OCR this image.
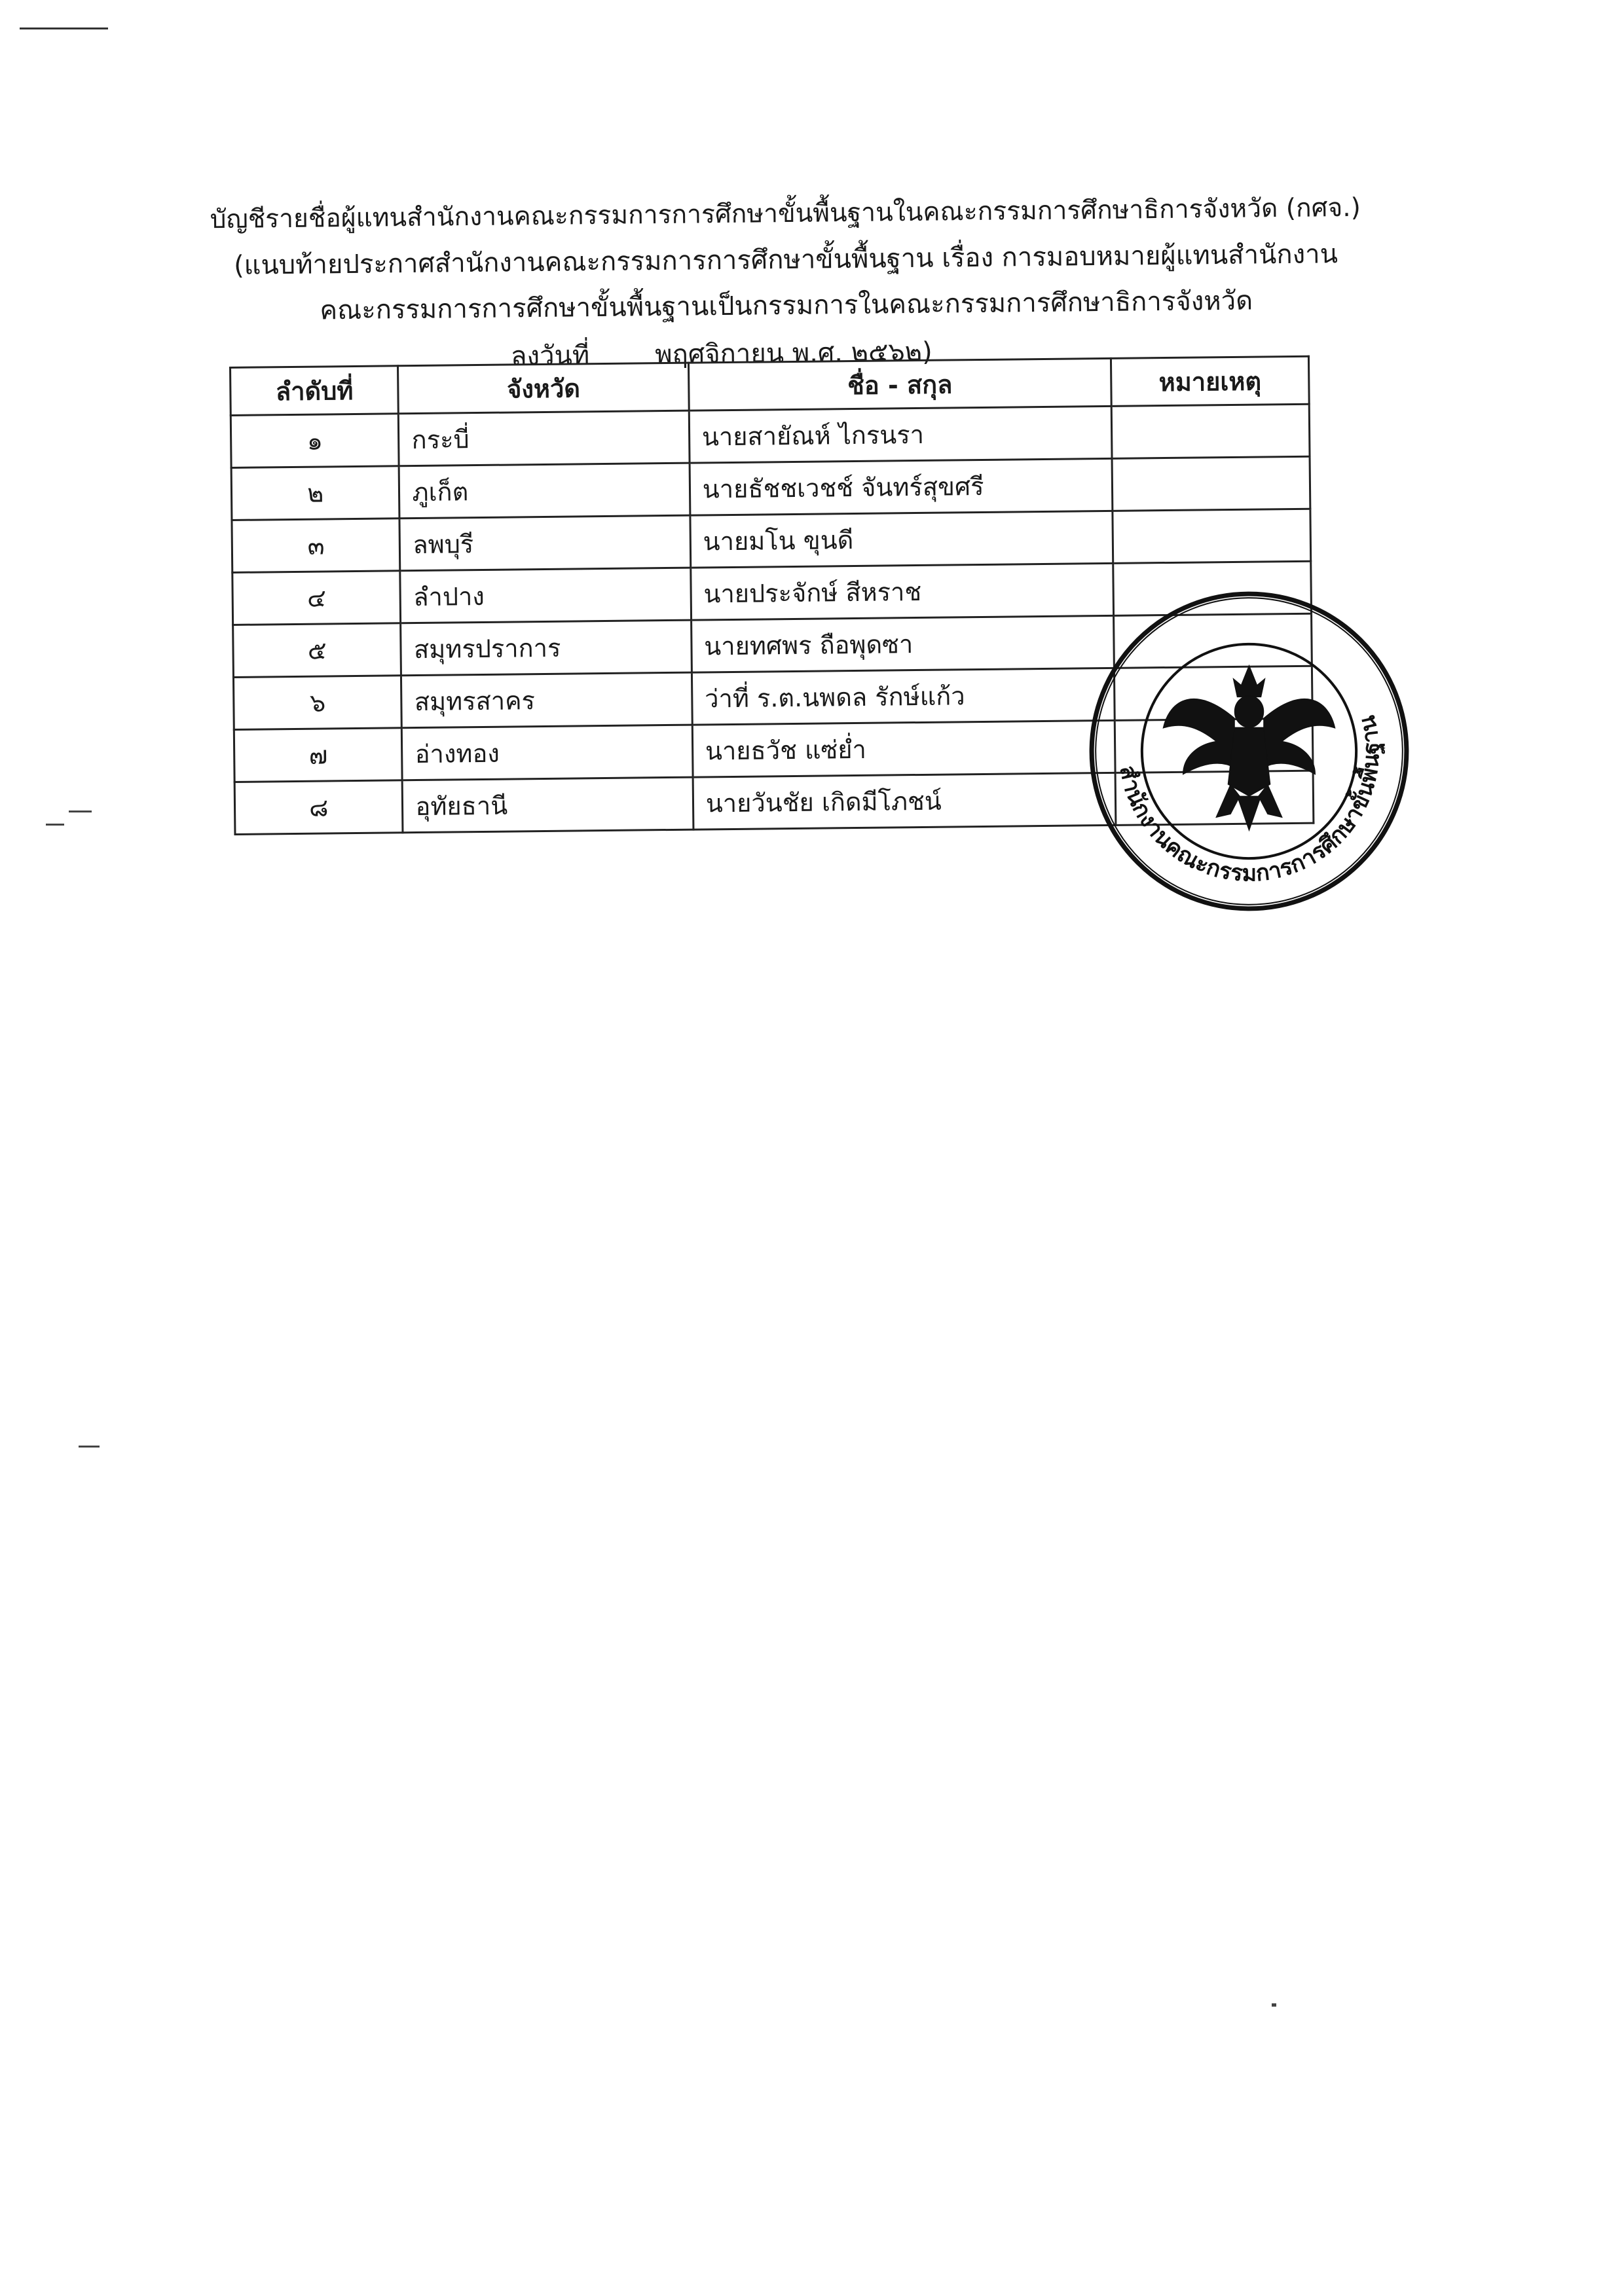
บัญชีรายชื่อผู้แทนสำนักงานคณะกรรมการการศึกษาขั้นพื้นฐานในคณะกรรมการศึกษาธิการจังหวัด (กศจ.)
(แนบท้ายประกาศสำนักงานคณะกรรมการการศึกษาขั้นพื้นฐาน เรื่อง การมอบหมายผู้แทนสำนักงาน
คณะกรรมการการศึกษาขั้นพื้นฐานเป็นกรรมการในคณะกรรมการศึกษาธิการจังหวัด
ลงวันที่ พฤศจิกายน พ.ศ. ๒๕๖๒)
ลำดับที่	จังหวัด	ชื่อ - สกุล	หมายเหตุ
๑	กระบี่	นายสายัณห์ ไกรนรา	
๒	ภูเก็ต	นายธัชชเวชช์ จันทร์สุขศรี	
๓	ลพบุรี	นายมโน ขุนดี	
๔	ลำปาง	นายประจักษ์ สีหราช	
๕	สมุทรปราการ	นายทศพร ถือพุดซา	
๖	สมุทรสาคร	ว่าที่ ร.ต.นพดล รักษ์แก้ว	
๗	อ่างทอง	นายธวัช แซ่ย่ำ	
๘	อุทัยธานี	นายวันชัย เกิดมีโภชน์	
สำนักงานคณะกรรมการการศึกษาขั้นพื้นฐาน
